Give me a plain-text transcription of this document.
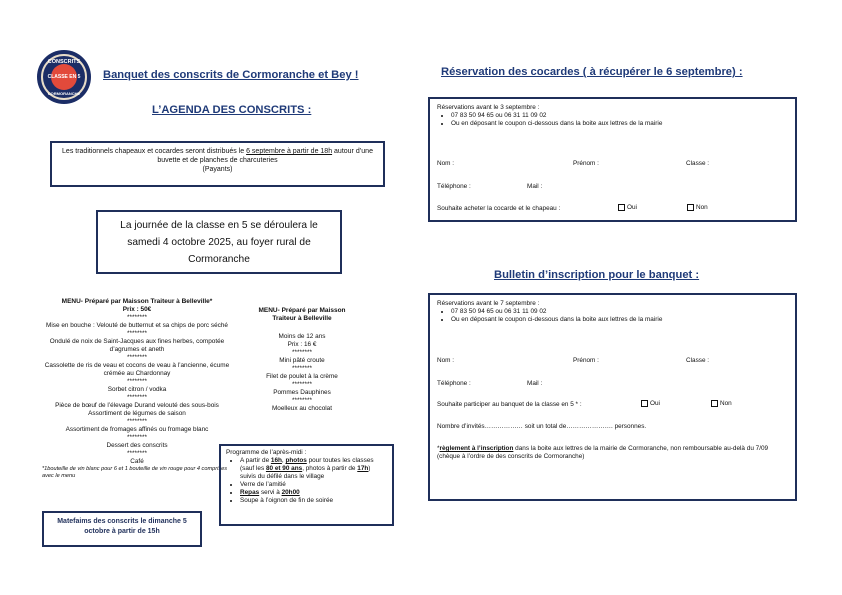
CONSCRITS
CLASSE EN 5
CORMORANCHE
Banquet des conscrits de Cormoranche et Bey !
L’AGENDA DES CONSCRITS :
Les traditionnels chapeaux et cocardes seront distribués le 6 septembre à partir de 18h autour d’une buvette et de planches de charcuteries
(Payants)
La journée de la classe en 5 se déroulera le samedi 4 octobre 2025, au foyer rural de Cormoranche
MENU- Préparé par Maisson Traiteur à Belleville*
Prix : 50€
********
Mise en bouche : Velouté de butternut et sa chips de porc séché
********
Ondulé de noix de Saint-Jacques aux fines herbes, compotée d’agrumes et aneth
********
Cassolette de ris de veau et cocons de veau à l’ancienne, écume crémée au Chardonnay
********
Sorbet citron / vodka
********
Pièce de bœuf de l’élevage Durand velouté des sous-bois Assortiment de légumes de saison
********
Assortiment de fromages affinés ou fromage blanc
********
Dessert des conscrits
********
Café
*1bouteille de vin blanc pour 6 et 1 bouteille de vin rouge pour 4 comprises avec le menu
MENU- Préparé par Maisson Traiteur à Belleville
Moins de 12 ans
Prix : 16 €
********
Mini pâté croute
********
Filet de poulet à la crème
********
Pommes Dauphines
********
Moelleux au chocolat
Programme de l’après-midi :
• A partir de 16h, photos pour toutes les classes (sauf les 80 et 90 ans, photos à partir de 17h) suivis du défilé dans le village
• Verre de l’amitié
• Repas servi à 20h00
• Soupe à l’oignon de fin de soirée
Matefaims des conscrits le dimanche 5 octobre à partir de 15h
Réservation des cocardes ( à récupérer le 6 septembre) :
Réservations avant le 3 septembre :
• 07 83 50 94 65 ou 06 31 11 09 02
• Ou en déposant le coupon ci-dessous dans la boite aux lettres de la mairie
Nom :	Prénom :	Classe :
Téléphone :	Mail :
Souhaite acheter la cocarde et le chapeau :	Oui	Non
Bulletin d’inscription pour le banquet :
Réservations avant le 7 septembre :
• 07 83 50 94 65 ou 06 31 11 09 02
• Ou en déposant le coupon ci-dessous dans la boite aux lettres de la mairie
Nom :	Prénom :	Classe :
Téléphone :	Mail :
Souhaite participer au banquet de la classe en 5 * :	Oui	Non
Nombre d’invités……………… soit un total de…………………. personnes.
*règlement à l’inscription dans la boite aux lettres de la mairie de Cormoranche, non remboursable au-delà du 7/09 (chèque à l’ordre de des conscrits de Cormoranche)
